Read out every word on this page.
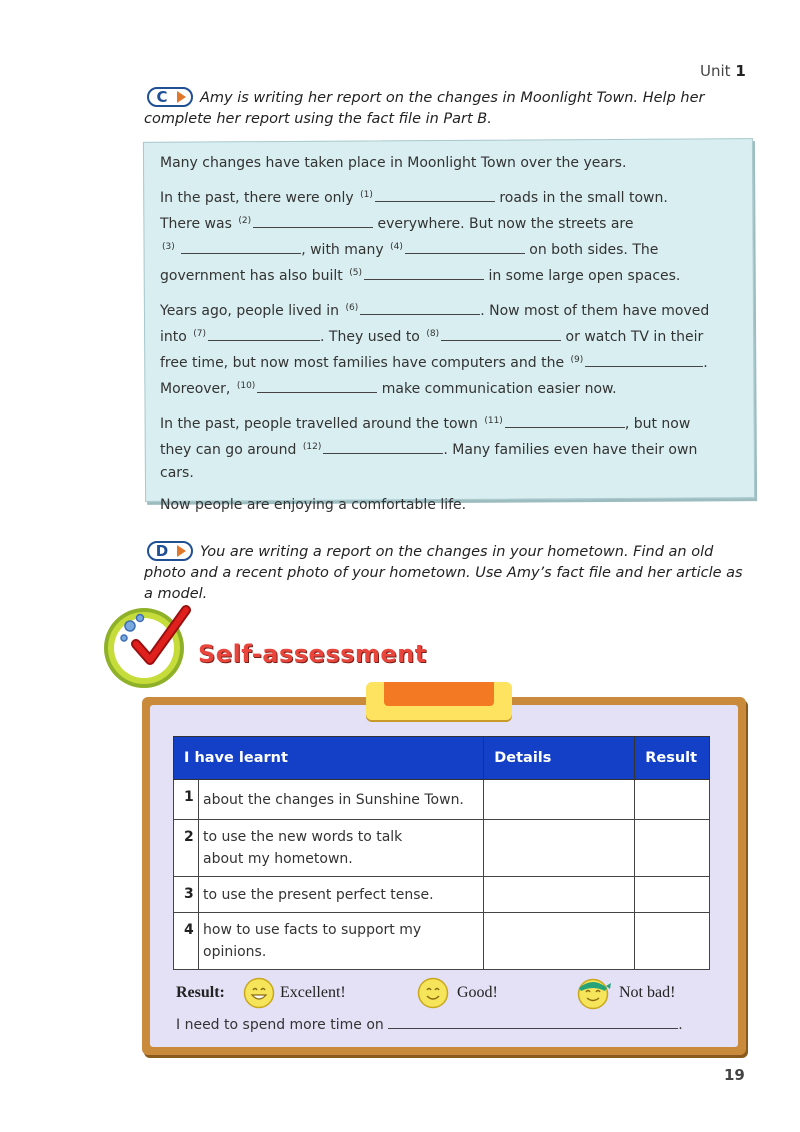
Unit 1
C	Amy is writing her report on the changes in Moonlight Town. Help her complete her report using the fact file in Part B.

Many changes have taken place in Moonlight Town over the years.

In the past, there were only $^{(1)}$	roads in the small town.
There was $^{(2)}$	everywhere. But now the streets are
$^{(3)}$	, with many $^{(4)}$	on both sides. The
government has also built $^{(5)}$	in some large open spaces.

Years ago, people lived in $^{(6)}$	. Now most of them have moved
into $^{(7)}$	. They used to $^{(8)}$	or watch TV in their
free time, but now most families have computers and the $^{(9)}$	.
Moreover, $^{(10)}$	make communication easier now.

In the past, people travelled around the town $^{(11)}$	, but now
they can go around $^{(12)}$	. Many families even have their own
cars.

Now people are enjoying a comfortable life.

D	You are writing a report on the changes in your hometown. Find an old photo and a recent photo of your hometown. Use Amy’s fact file and her article as a model.
Self-assessment
I have learnt		Details	Result
1	about the changes in Sunshine Town.		
2	to use the new words to talk
about my hometown.		
3	to use the present perfect tense.		
4	how to use facts to support my
opinions.		
Result:	Excellent!	Good!	Not bad!
I need to spend more time on	.
19
